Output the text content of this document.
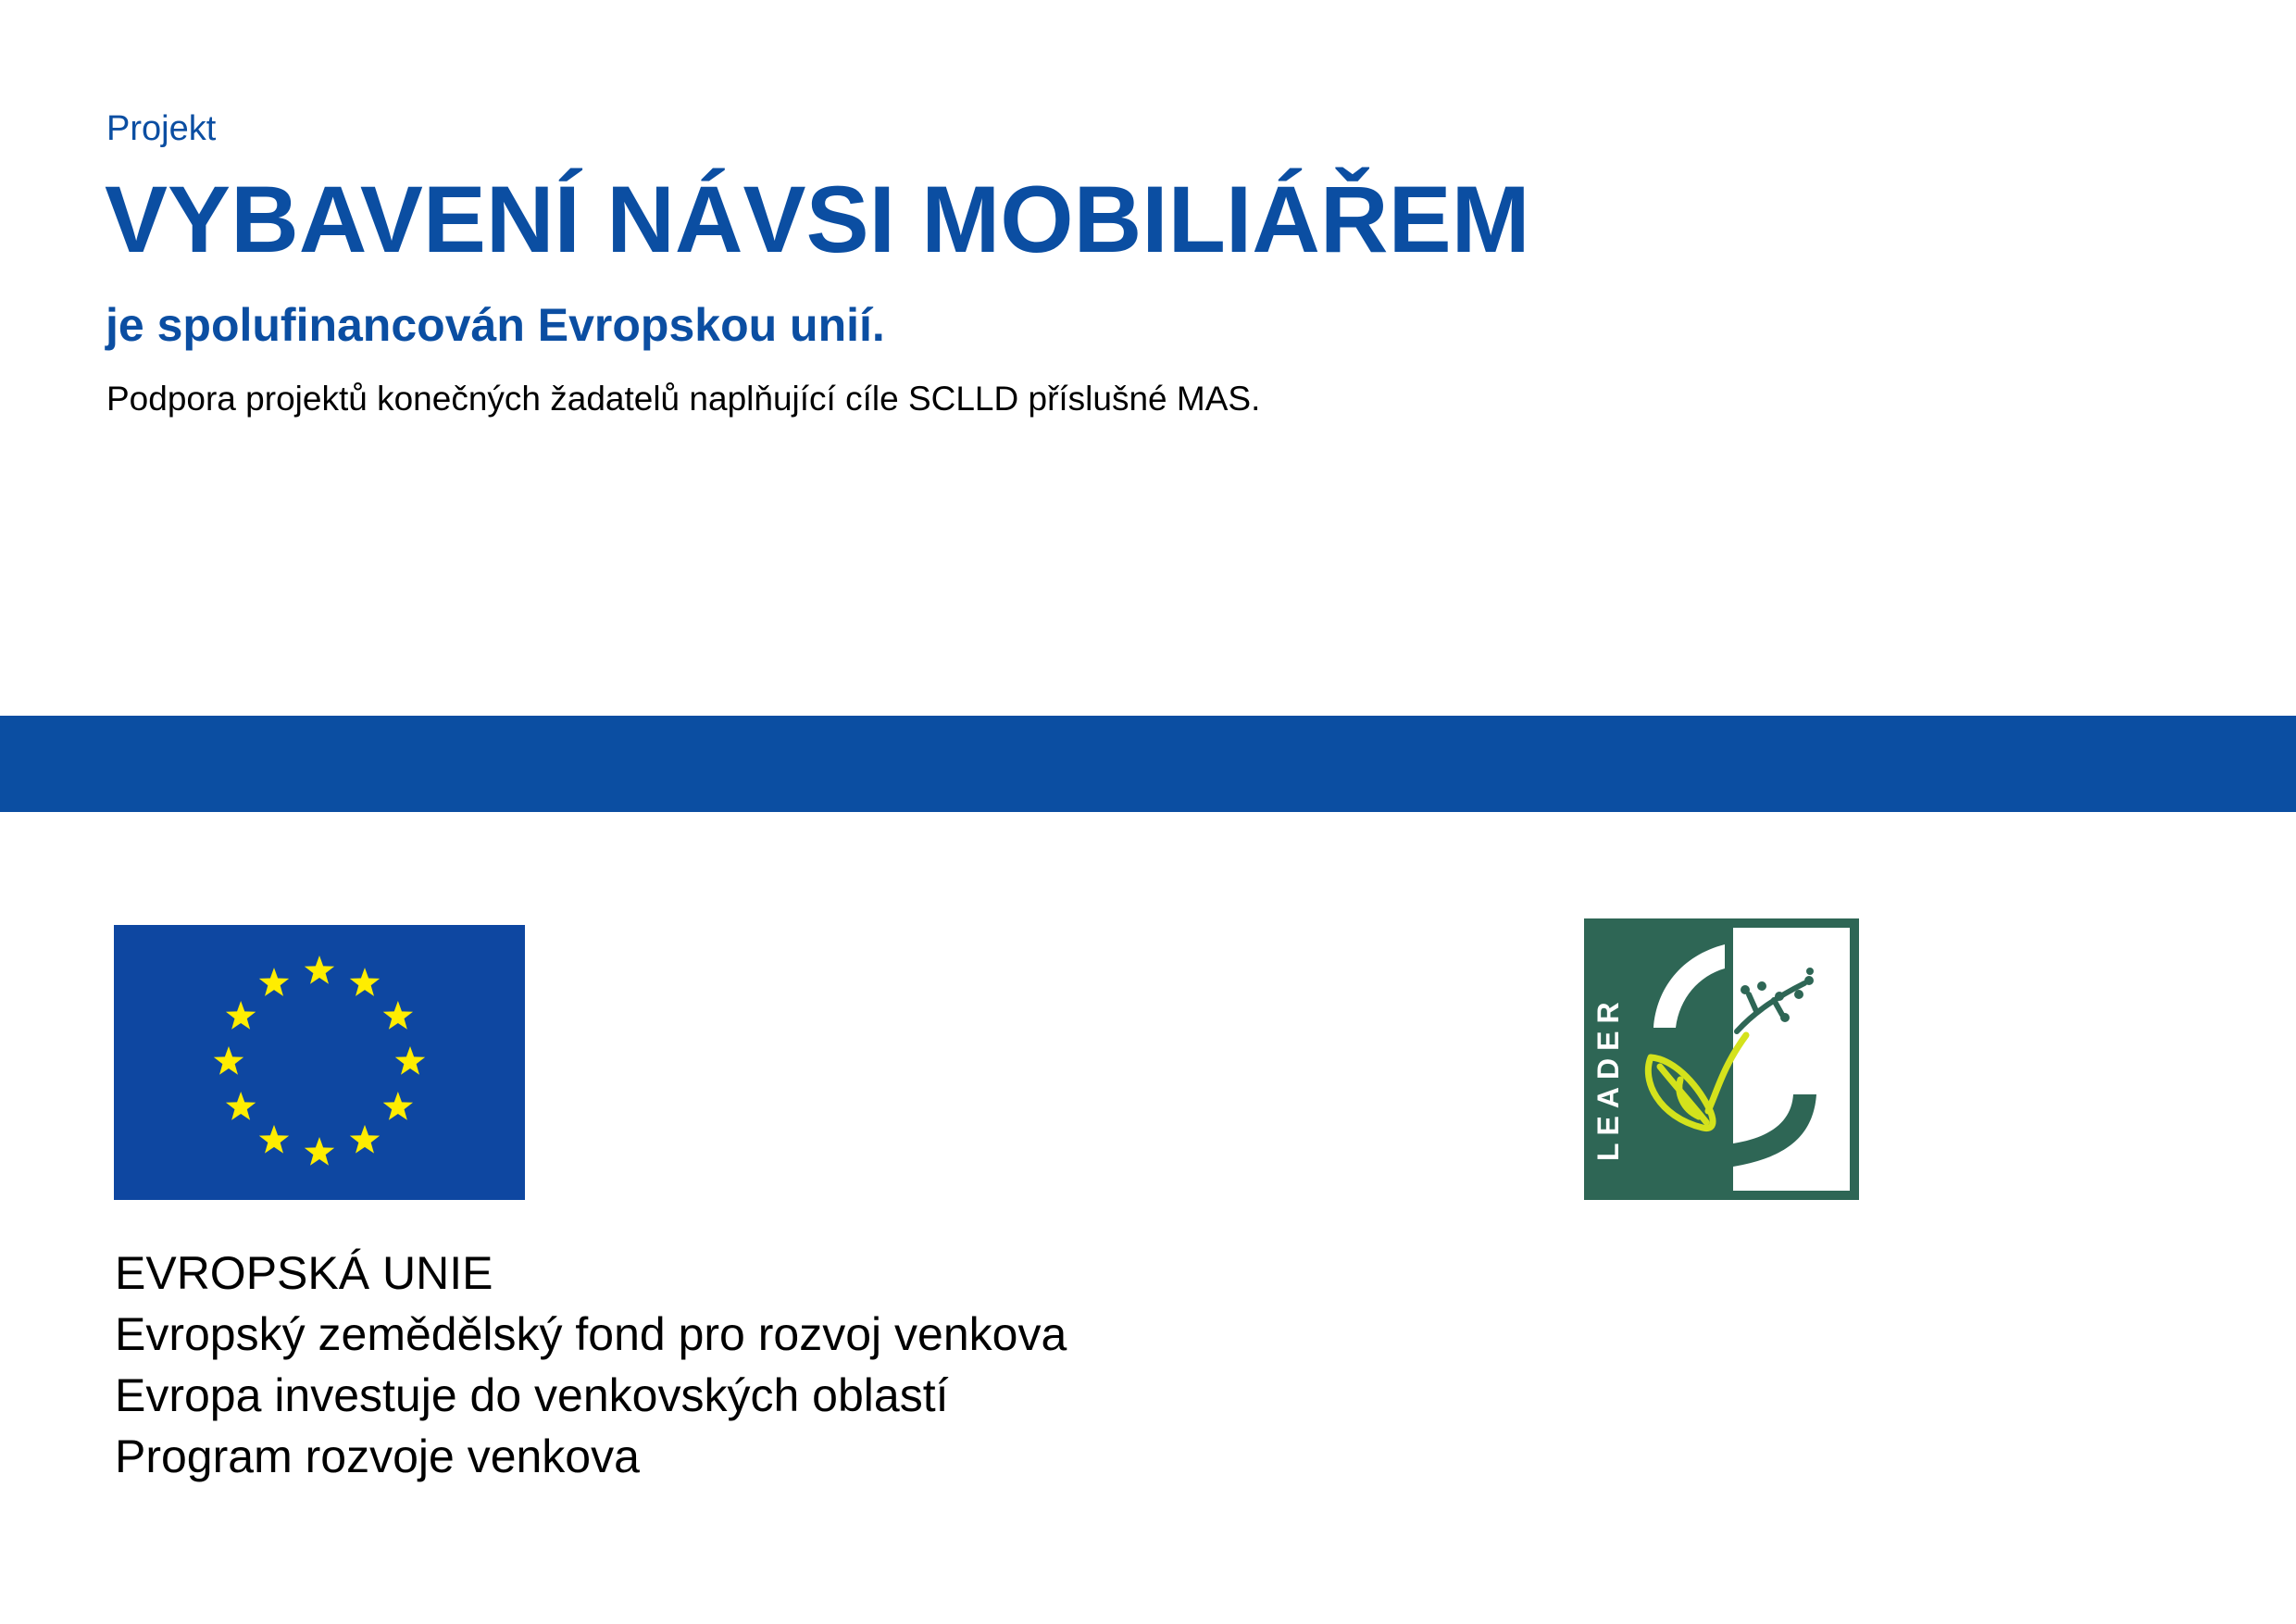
Projekt
VYBAVENÍ NÁVSI MOBILIÁŘEM
je spolufinancován Evropskou unií.
Podpora projektů konečných žadatelů naplňující cíle SCLLD příslušné MAS.
EVROPSKÁ UNIE
Evropský zemědělský fond pro rozvoj venkova
Evropa investuje do venkovských oblastí
Program rozvoje venkova
LEADER
